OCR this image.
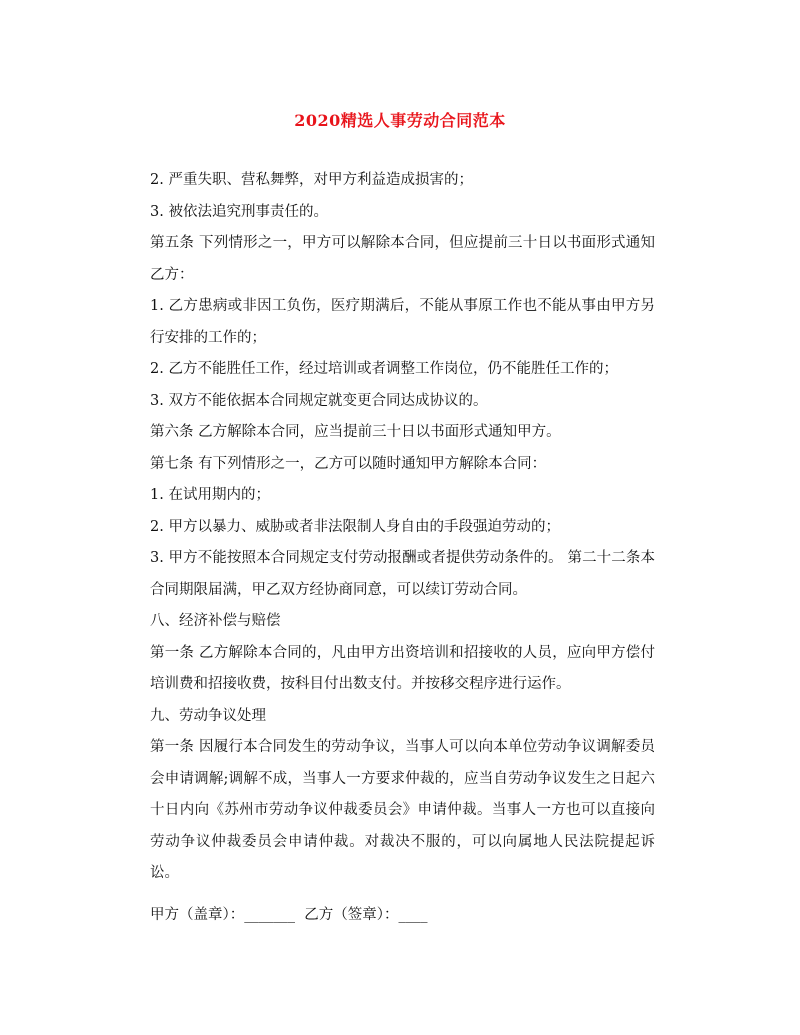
2020精选人事劳动合同范本

2. 严重失职、营私舞弊，对甲方利益造成损害的；

3. 被依法追究刑事责任的。

第五条 下列情形之一，甲方可以解除本合同，但应提前三十日以书面形式通知乙方：

1. 乙方患病或非因工负伤，医疗期满后，不能从事原工作也不能从事由甲方另行安排的工作的；

2. 乙方不能胜任工作，经过培训或者调整工作岗位，仍不能胜任工作的；

3. 双方不能依据本合同规定就变更合同达成协议的。

第六条 乙方解除本合同，应当提前三十日以书面形式通知甲方。

第七条 有下列情形之一，乙方可以随时通知甲方解除本合同：

1. 在试用期内的；

2. 甲方以暴力、威胁或者非法限制人身自由的手段强迫劳动的；

3. 甲方不能按照本合同规定支付劳动报酬或者提供劳动条件的。 第二十二条本合同期限届满，甲乙双方经协商同意，可以续订劳动合同。

八、经济补偿与赔偿

第一条 乙方解除本合同的，凡由甲方出资培训和招接收的人员，应向甲方偿付培训费和招接收费，按科目付出数支付。并按移交程序进行运作。

九、劳动争议处理

第一条 因履行本合同发生的劳动争议，当事人可以向本单位劳动争议调解委员会申请调解;调解不成，当事人一方要求仲裁的，应当自劳动争议发生之日起六十日内向《苏州市劳动争议仲裁委员会》申请仲裁。当事人一方也可以直接向劳动争议仲裁委员会申请仲裁。对裁决不服的，可以向属地人民法院提起诉讼。

甲方（盖章）：_______  乙方（签章）：____
